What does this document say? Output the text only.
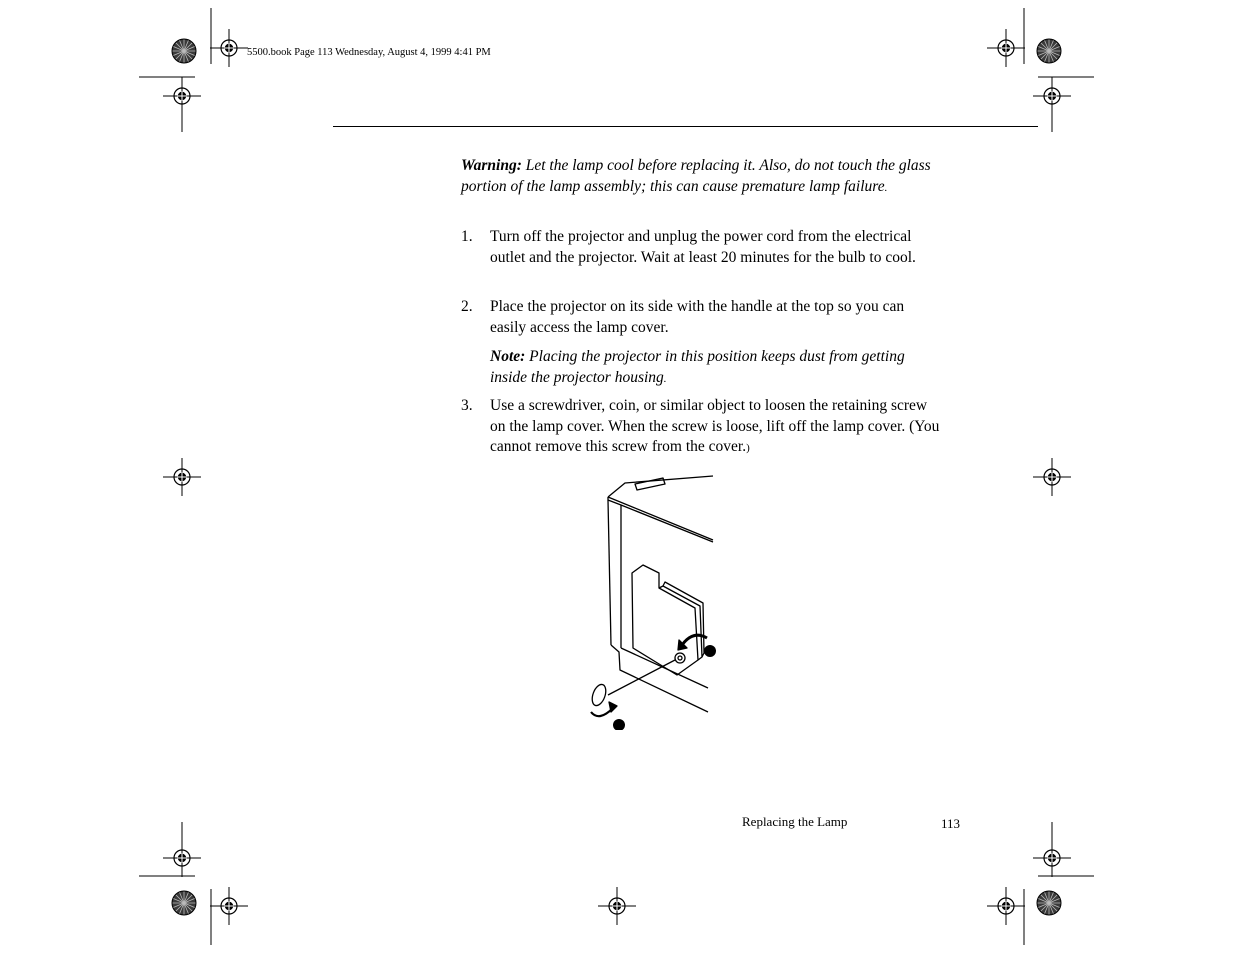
5500.book Page 113 Wednesday, August 4, 1999 4:41 PM
Warning: Let the lamp cool before replacing it. Also, do not touch the glass portion of the lamp assembly; this can cause premature lamp failure.
1. Turn off the projector and unplug the power cord from the electrical outlet and the projector. Wait at least 20 minutes for the bulb to cool.
2. Place the projector on its side with the handle at the top so you can easily access the lamp cover.
Note: Placing the projector in this position keeps dust from getting inside the projector housing.
3. Use a screwdriver, coin, or similar object to loosen the retaining screw on the lamp cover. When the screw is loose, lift off the lamp cover. (You cannot remove this screw from the cover.)
Replacing the Lamp	113
